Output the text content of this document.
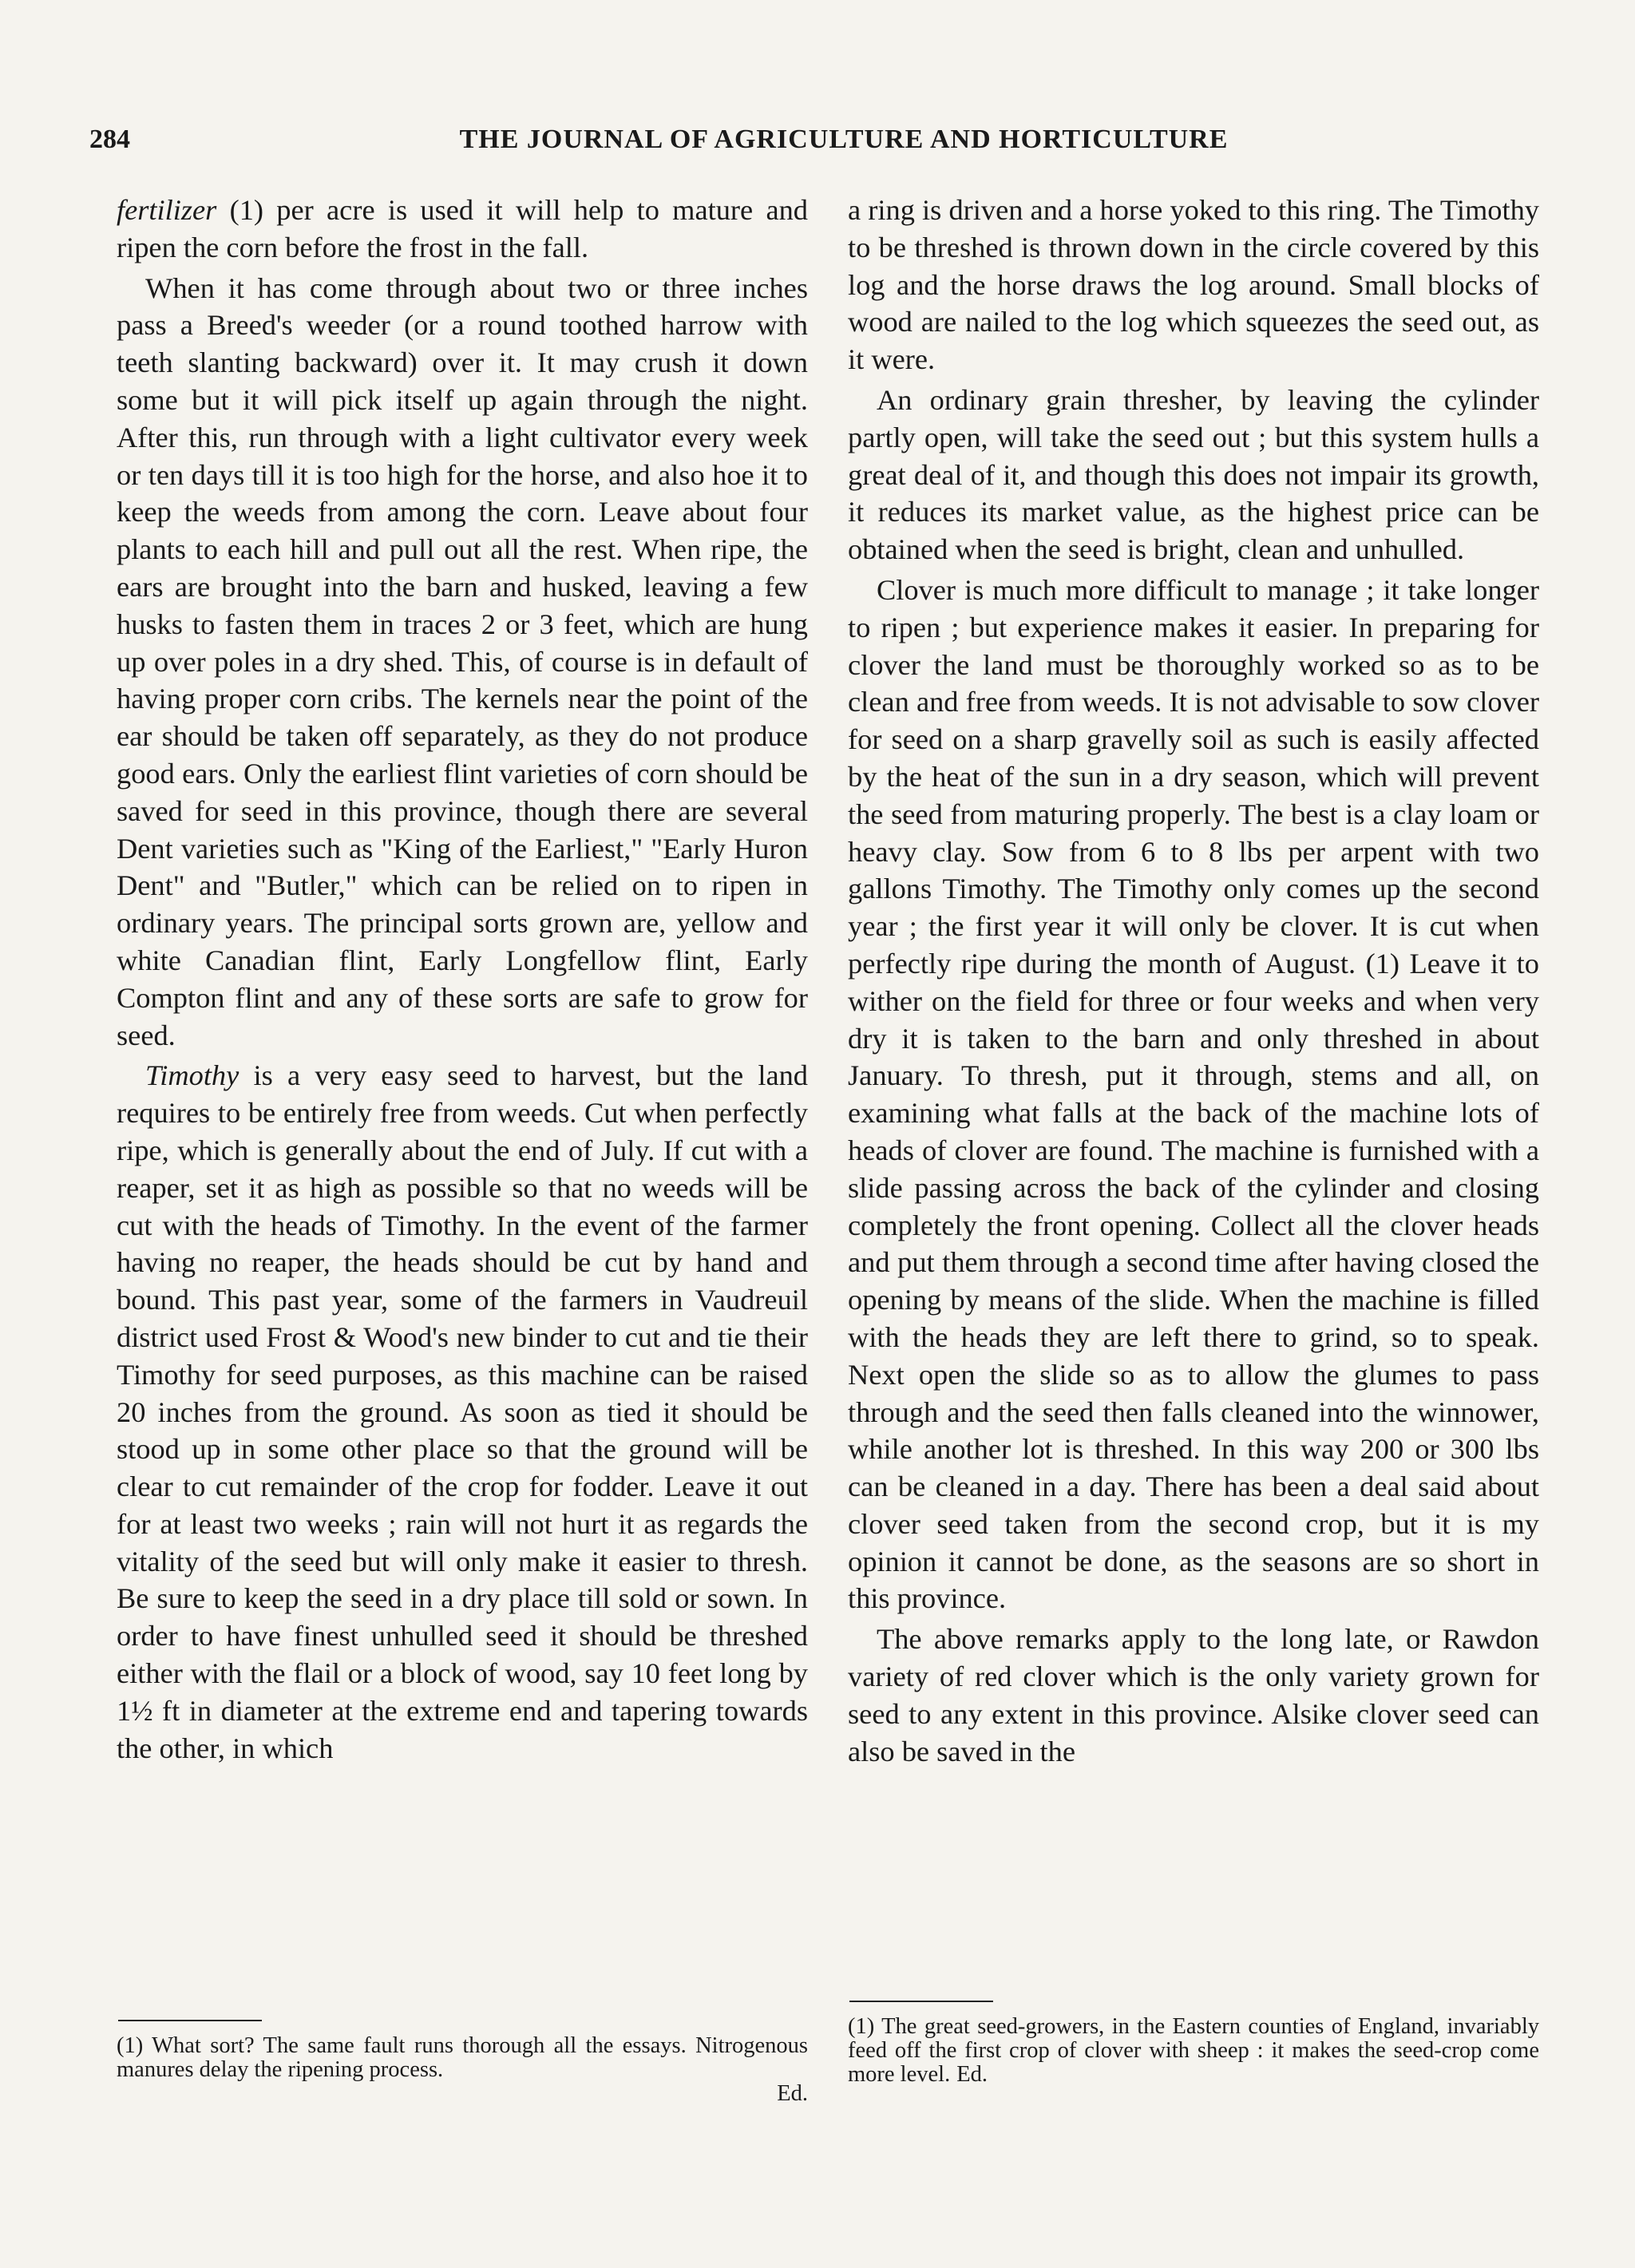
284	THE JOURNAL OF AGRICULTURE AND HORTICULTURE

fertilizer (1) per acre is used it will help to mature and ripen the corn before the frost in the fall.

When it has come through about two or three inches pass a Breed's weeder (or a round toothed harrow with teeth slanting backward) over it. It may crush it down some but it will pick itself up again through the night. After this, run through with a light cultivator every week or ten days till it is too high for the horse, and also hoe it to keep the weeds from among the corn. Leave about four plants to each hill and pull out all the rest. When ripe, the ears are brought into the barn and husked, leaving a few husks to fasten them in traces 2 or 3 feet, which are hung up over poles in a dry shed. This, of course is in default of having proper corn cribs. The kernels near the point of the ear should be taken off separately, as they do not produce good ears. Only the earliest flint varieties of corn should be saved for seed in this province, though there are several Dent varieties such as "King of the Earliest," "Early Huron Dent" and "Butler," which can be relied on to ripen in ordinary years. The principal sorts grown are, yellow and white Canadian flint, Early Longfellow flint, Early Compton flint and any of these sorts are safe to grow for seed.

Timothy is a very easy seed to harvest, but the land requires to be entirely free from weeds. Cut when perfectly ripe, which is generally about the end of July. If cut with a reaper, set it as high as possible so that no weeds will be cut with the heads of Timothy. In the event of the farmer having no reaper, the heads should be cut by hand and bound. This past year, some of the farmers in Vaudreuil district used Frost & Wood's new binder to cut and tie their Timothy for seed purposes, as this machine can be raised 20 inches from the ground. As soon as tied it should be stood up in some other place so that the ground will be clear to cut remainder of the crop for fodder. Leave it out for at least two weeks ; rain will not hurt it as regards the vitality of the seed but will only make it easier to thresh. Be sure to keep the seed in a dry place till sold or sown. In order to have finest unhulled seed it should be threshed either with the flail or a block of wood, say 10 feet long by 1½ ft in diameter at the extreme end and tapering towards the other, in which

a ring is driven and a horse yoked to this ring. The Timothy to be threshed is thrown down in the circle covered by this log and the horse draws the log around. Small blocks of wood are nailed to the log which squeezes the seed out, as it were.

An ordinary grain thresher, by leaving the cylinder partly open, will take the seed out ; but this system hulls a great deal of it, and though this does not impair its growth, it reduces its market value, as the highest price can be obtained when the seed is bright, clean and unhulled.

Clover is much more difficult to manage ; it take longer to ripen ; but experience makes it easier. In preparing for clover the land must be thoroughly worked so as to be clean and free from weeds. It is not advisable to sow clover for seed on a sharp gravelly soil as such is easily affected by the heat of the sun in a dry season, which will prevent the seed from maturing properly. The best is a clay loam or heavy clay. Sow from 6 to 8 lbs per arpent with two gallons Timothy. The Timothy only comes up the second year ; the first year it will only be clover. It is cut when perfectly ripe during the month of August. (1) Leave it to wither on the field for three or four weeks and when very dry it is taken to the barn and only threshed in about January. To thresh, put it through, stems and all, on examining what falls at the back of the machine lots of heads of clover are found. The machine is furnished with a slide passing across the back of the cylinder and closing completely the front opening. Collect all the clover heads and put them through a second time after having closed the opening by means of the slide. When the machine is filled with the heads they are left there to grind, so to speak. Next open the slide so as to allow the glumes to pass through and the seed then falls cleaned into the winnower, while another lot is threshed. In this way 200 or 300 lbs can be cleaned in a day. There has been a deal said about clover seed taken from the second crop, but it is my opinion it cannot be done, as the seasons are so short in this province.

The above remarks apply to the long late, or Rawdon variety of red clover which is the only variety grown for seed to any extent in this province. Alsike clover seed can also be saved in the

(1) What sort? The same fault runs thorough all the essays. Nitrogenous manures delay the ripening process.
Ed.
(1) The great seed-growers, in the Eastern counties of England, invariably feed off the first crop of clover with sheep : it makes the seed-crop come more level. Ed.
